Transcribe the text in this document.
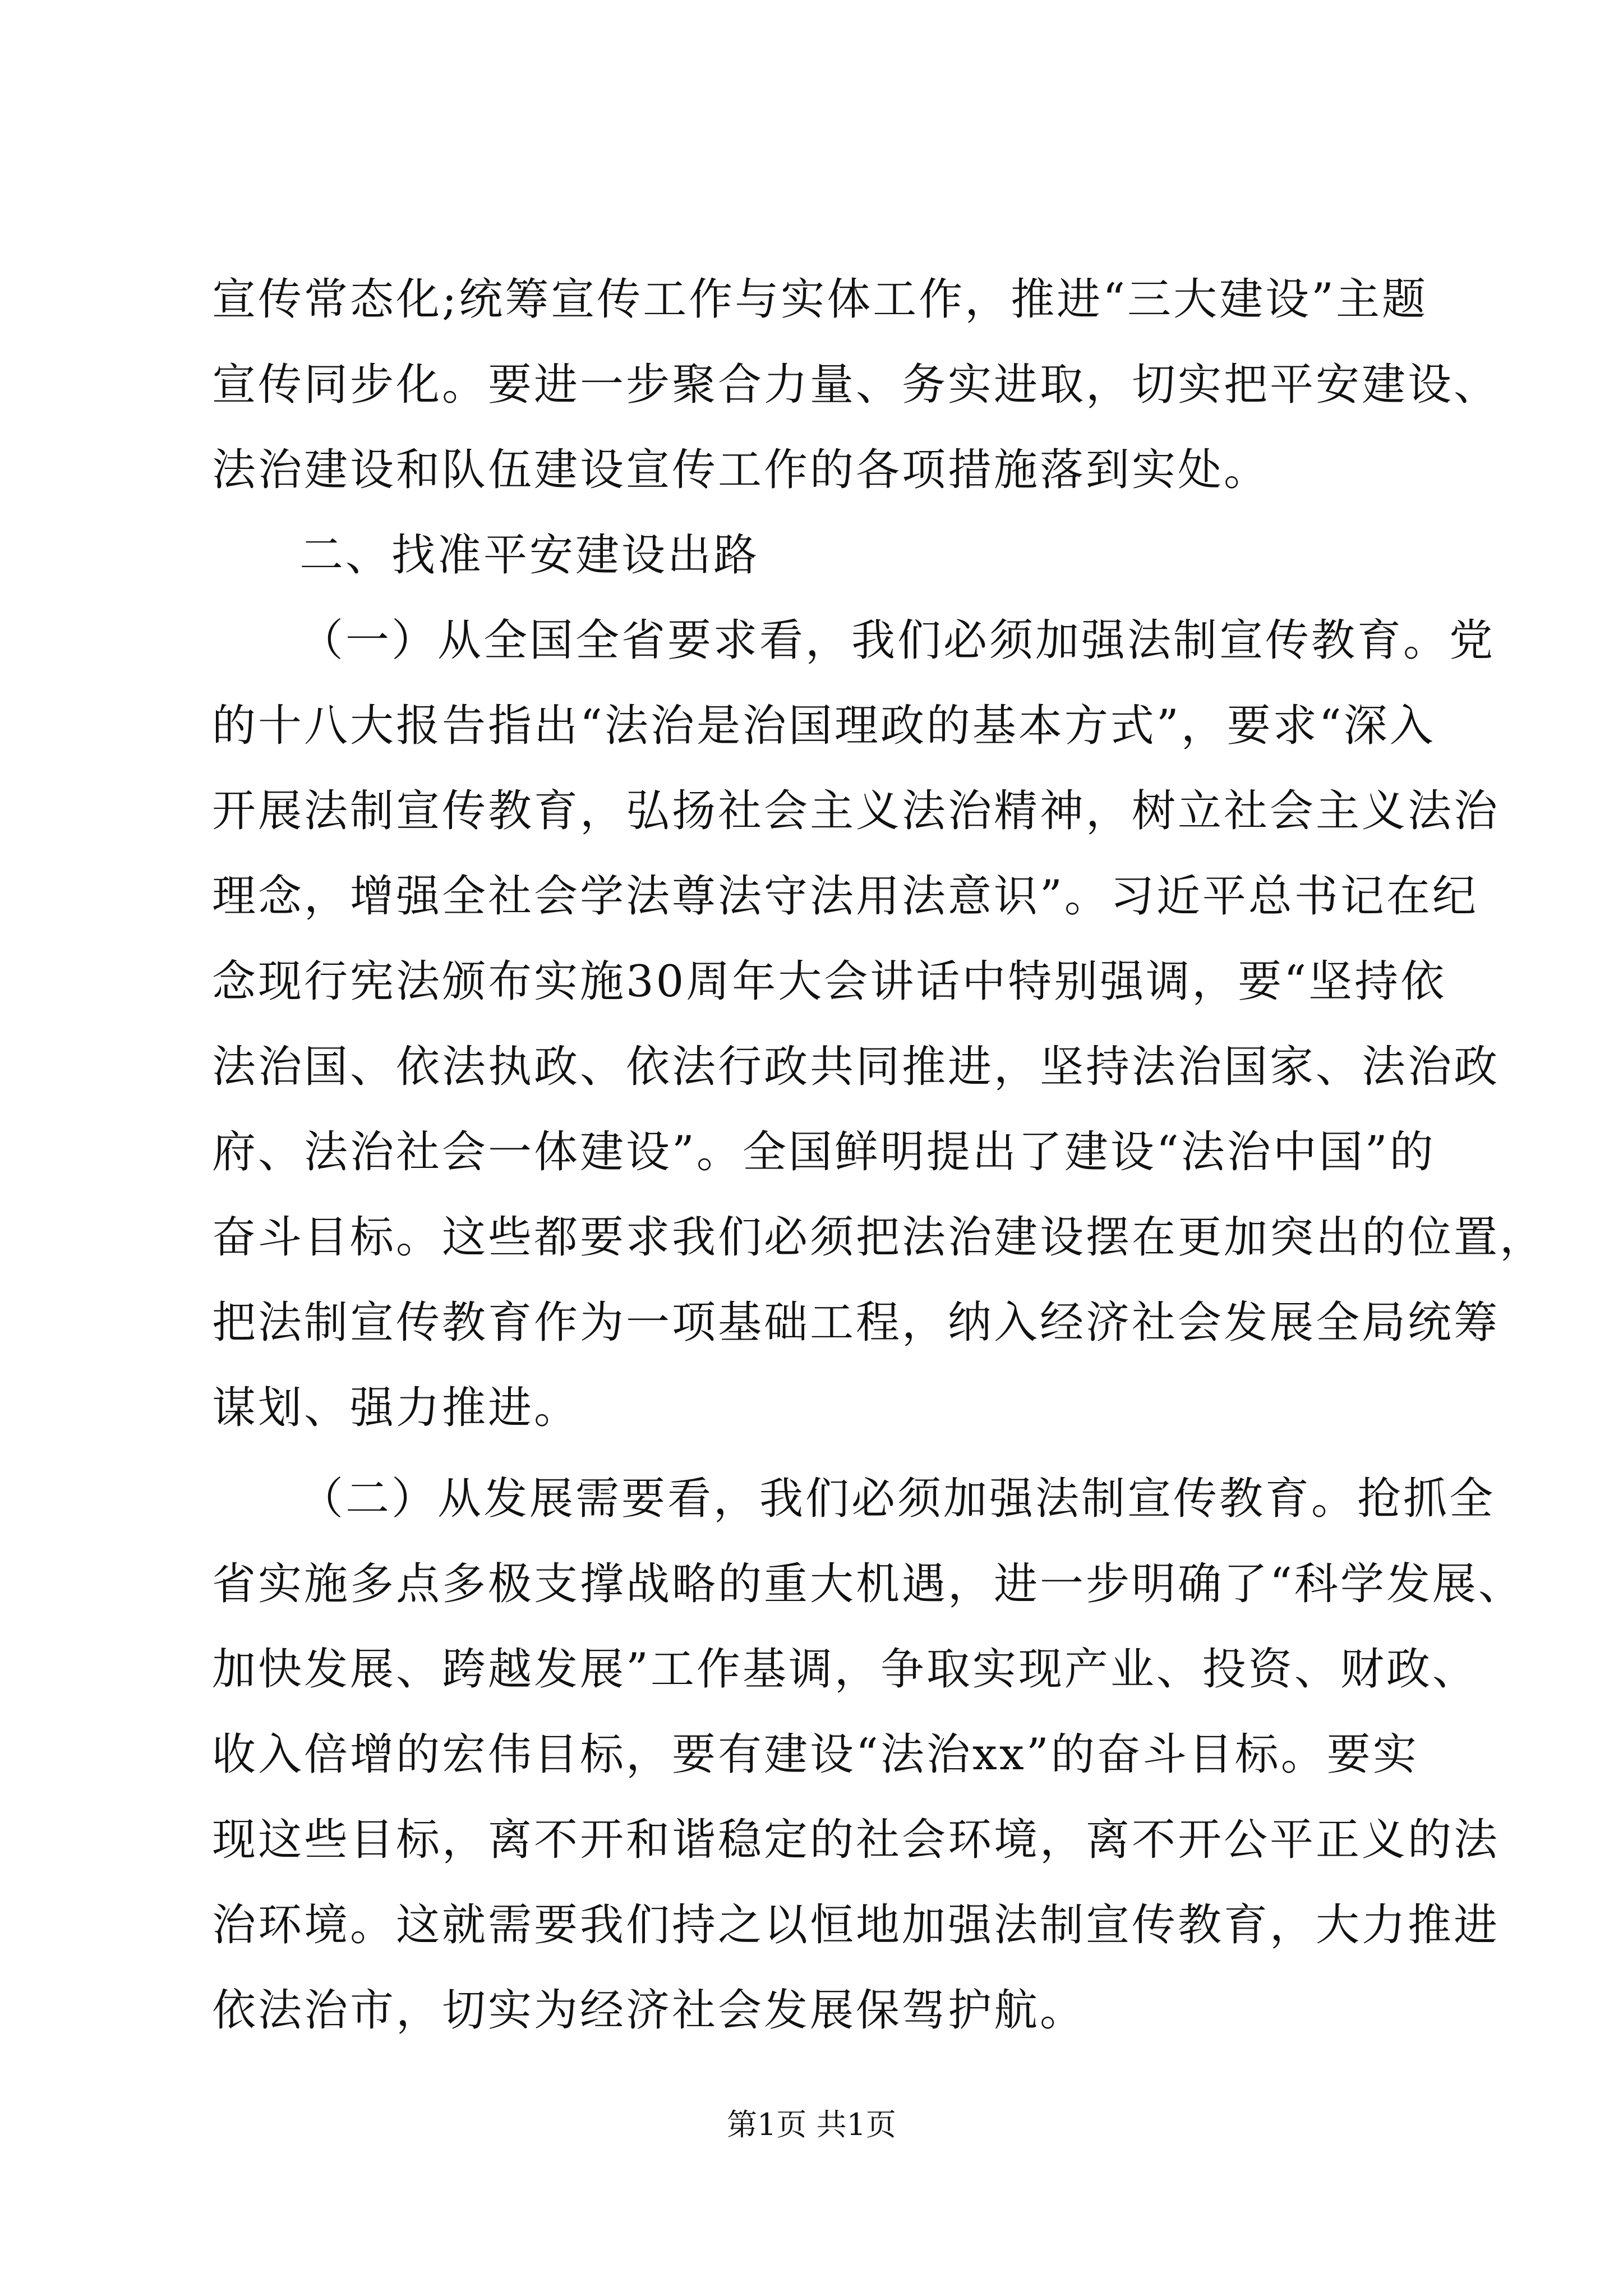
宣传常态化;统筹宣传工作与实体工作，推进“三大建设”主题
宣传同步化。要进一步聚合力量、务实进取，切实把平安建设、
法治建设和队伍建设宣传工作的各项措施落到实处。
二、找准平安建设出路
（一）从全国全省要求看，我们必须加强法制宣传教育。党
的十八大报告指出“法治是治国理政的基本方式”，要求“深入
开展法制宣传教育，弘扬社会主义法治精神，树立社会主义法治
理念，增强全社会学法尊法守法用法意识”。习近平总书记在纪
念现行宪法颁布实施30周年大会讲话中特别强调，要“坚持依
法治国、依法执政、依法行政共同推进，坚持法治国家、法治政
府、法治社会一体建设”。全国鲜明提出了建设“法治中国”的
奋斗目标。这些都要求我们必须把法治建设摆在更加突出的位置，
把法制宣传教育作为一项基础工程，纳入经济社会发展全局统筹
谋划、强力推进。
（二）从发展需要看，我们必须加强法制宣传教育。抢抓全
省实施多点多极支撑战略的重大机遇，进一步明确了“科学发展、
加快发展、跨越发展”工作基调，争取实现产业、投资、财政、
收入倍增的宏伟目标，要有建设“法治xx”的奋斗目标。要实
现这些目标，离不开和谐稳定的社会环境，离不开公平正义的法
治环境。这就需要我们持之以恒地加强法制宣传教育，大力推进
依法治市，切实为经济社会发展保驾护航。
第1页 共1页
